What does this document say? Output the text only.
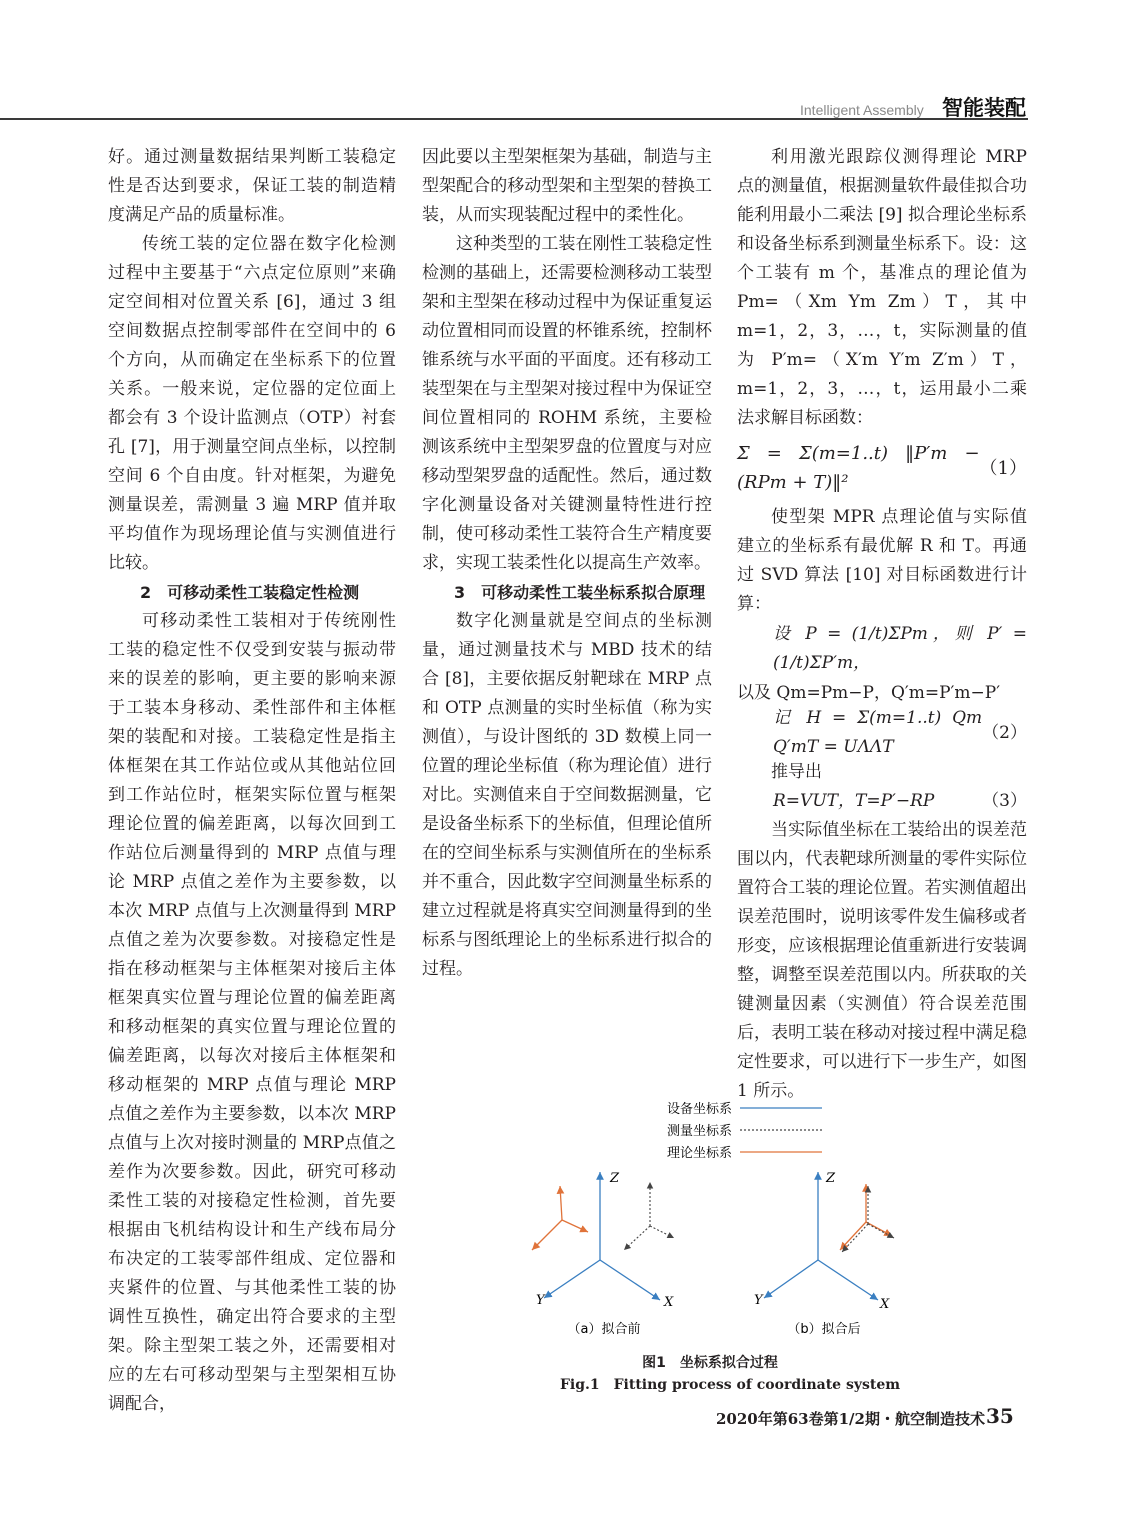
Intelligent Assembly 智能装配

好。通过测量数据结果判断工装稳定性是否达到要求，保证工装的制造精度满足产品的质量标准。

传统工装的定位器在数字化检测过程中主要基于“六点定位原则”来确定空间相对位置关系 [6]，通过 3 组空间数据点控制零部件在空间中的 6 个方向，从而确定在坐标系下的位置关系。一般来说，定位器的定位面上都会有 3 个设计监测点（OTP）衬套孔 [7]，用于测量空间点坐标，以控制空间 6 个自由度。针对框架，为避免测量误差，需测量 3 遍 MRP 值并取平均值作为现场理论值与实测值进行比较。

2　可移动柔性工装稳定性检测

可移动柔性工装相对于传统刚性工装的稳定性不仅受到安装与振动带来的误差的影响，更主要的影响来源于工装本身移动、柔性部件和主体框架的装配和对接。工装稳定性是指主体框架在其工作站位或从其他站位回到工作站位时，框架实际位置与框架理论位置的偏差距离，以每次回到工作站位后测量得到的 MRP 点值与理论 MRP 点值之差作为主要参数，以本次 MRP 点值与上次测量得到 MRP 点值之差为次要参数。对接稳定性是指在移动框架与主体框架对接后主体框架真实位置与理论位置的偏差距离和移动框架的真实位置与理论位置的偏差距离，以每次对接后主体框架和移动框架的 MRP 点值与理论 MRP 点值之差作为主要参数，以本次 MRP 点值与上次对接时测量的 MRP点值之差作为次要参数。因此，研究可移动柔性工装的对接稳定性检测，首先要根据由飞机结构设计和生产线布局分布决定的工装零部件组成、定位器和夹紧件的位置、与其他柔性工装的协调性互换性，确定出符合要求的主型架。除主型架工装之外，还需要相对应的左右可移动型架与主型架相互协调配合，

因此要以主型架框架为基础，制造与主型架配合的移动型架和主型架的替换工装，从而实现装配过程中的柔性化。

这种类型的工装在刚性工装稳定性检测的基础上，还需要检测移动工装型架和主型架在移动过程中为保证重复运动位置相同而设置的杯锥系统，控制杯锥系统与水平面的平面度。还有移动工装型架在与主型架对接过程中为保证空间位置相同的 ROHM 系统，主要检测该系统中主型架罗盘的位置度与对应移动型架罗盘的适配性。然后，通过数字化测量设备对关键测量特性进行控制，使可移动柔性工装符合生产精度要求，实现工装柔性化以提高生产效率。

3　可移动柔性工装坐标系拟合原理

数字化测量就是空间点的坐标测量，通过测量技术与 MBD 技术的结合 [8]，主要依据反射靶球在 MRP 点和 OTP 点测量的实时坐标值（称为实测值），与设计图纸的 3D 数模上同一位置的理论坐标值（称为理论值）进行对比。实测值来自于空间数据测量，它是设备坐标系下的坐标值，但理论值所在的空间坐标系与实测值所在的坐标系并不重合，因此数字空间测量坐标系的建立过程就是将真实空间测量得到的坐标系与图纸理论上的坐标系进行拟合的过程。

利用激光跟踪仪测得理论 MRP 点的测量值，根据测量软件最佳拟合功能利用最小二乘法 [9] 拟合理论坐标系和设备坐标系到测量坐标系下。设：这个工装有 m 个，基准点的理论值为 Pm=（Xm Ym Zm）T，其中 m=1，2，3，…，t，实际测量的值为 P′m=（X′m Y′m Z′m）T，m=1，2，3，…，t，运用最小二乘法求解目标函数：

Σ = Σ(m=1..t) ‖P′m − (RPm + T)‖²
（1）

使型架 MPR 点理论值与实际值建立的坐标系有最优解 R 和 T。再通过 SVD 算法 [10] 对目标函数进行计算：

设 P = (1/t)ΣPm，则 P′ = (1/t)ΣP′m，

以及 Qm=Pm−P，Q′m=P′m−P′

记 H = Σ(m=1..t) Qm Q′mT = UΛΛT
（2）

推导出

R=VUT，T=P′−RP	（3）

当实际值坐标在工装给出的误差范围以内，代表靶球所测量的零件实际位置符合工装的理论位置。若实测值超出误差范围时，说明该零件发生偏移或者形变，应该根据理论值重新进行安装调整，调整至误差范围以内。所获取的关键测量因素（实测值）符合误差范围后，表明工装在移动对接过程中满足稳定性要求，可以进行下一步生产，如图 1 所示。

设备坐标系
测量坐标系
理论坐标系
Z
X
Y
（a）拟合前
Z
X
Y
（b）拟合后
图1　坐标系拟合过程
Fig.1　Fitting process of coordinate system
2020年第63卷第1/2期・航空制造技术 35
